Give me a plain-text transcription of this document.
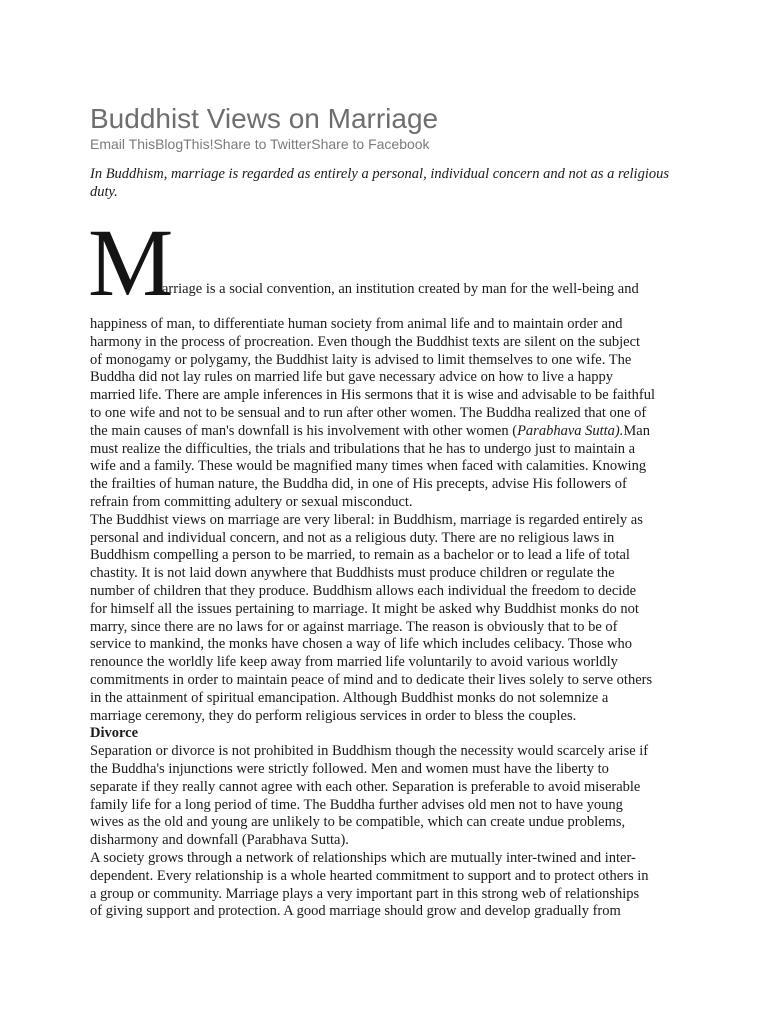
Buddhist Views on Marriage
Email ThisBlogThis!Share to TwitterShare to Facebook

In Buddhism, marriage is regarded as entirely a personal, individual concern and not as a religious duty.

M
arriage is a social convention, an institution created by man for the well-being and

happiness of man, to differentiate human society from animal life and to maintain order and
harmony in the process of procreation. Even though the Buddhist texts are silent on the subject
of monogamy or polygamy, the Buddhist laity is advised to limit themselves to one wife. The
Buddha did not lay rules on married life but gave necessary advice on how to live a happy
married life. There are ample inferences in His sermons that it is wise and advisable to be faithful
to one wife and not to be sensual and to run after other women. The Buddha realized that one of
the main causes of man's downfall is his involvement with other women (Parabhava Sutta).Man
must realize the difficulties, the trials and tribulations that he has to undergo just to maintain a
wife and a family. These would be magnified many times when faced with calamities. Knowing
the frailties of human nature, the Buddha did, in one of His precepts, advise His followers of
refrain from committing adultery or sexual misconduct.

The Buddhist views on marriage are very liberal: in Buddhism, marriage is regarded entirely as
personal and individual concern, and not as a religious duty. There are no religious laws in
Buddhism compelling a person to be married, to remain as a bachelor or to lead a life of total
chastity. It is not laid down anywhere that Buddhists must produce children or regulate the
number of children that they produce. Buddhism allows each individual the freedom to decide
for himself all the issues pertaining to marriage. It might be asked why Buddhist monks do not
marry, since there are no laws for or against marriage. The reason is obviously that to be of
service to mankind, the monks have chosen a way of life which includes celibacy. Those who
renounce the worldly life keep away from married life voluntarily to avoid various worldly
commitments in order to maintain peace of mind and to dedicate their lives solely to serve others
in the attainment of spiritual emancipation. Although Buddhist monks do not solemnize a
marriage ceremony, they do perform religious services in order to bless the couples.

Divorce

Separation or divorce is not prohibited in Buddhism though the necessity would scarcely arise if
the Buddha's injunctions were strictly followed. Men and women must have the liberty to
separate if they really cannot agree with each other. Separation is preferable to avoid miserable
family life for a long period of time. The Buddha further advises old men not to have young
wives as the old and young are unlikely to be compatible, which can create undue problems,
disharmony and downfall (Parabhava Sutta).

A society grows through a network of relationships which are mutually inter-twined and inter-
dependent. Every relationship is a whole hearted commitment to support and to protect others in
a group or community. Marriage plays a very important part in this strong web of relationships
of giving support and protection. A good marriage should grow and develop gradually from
